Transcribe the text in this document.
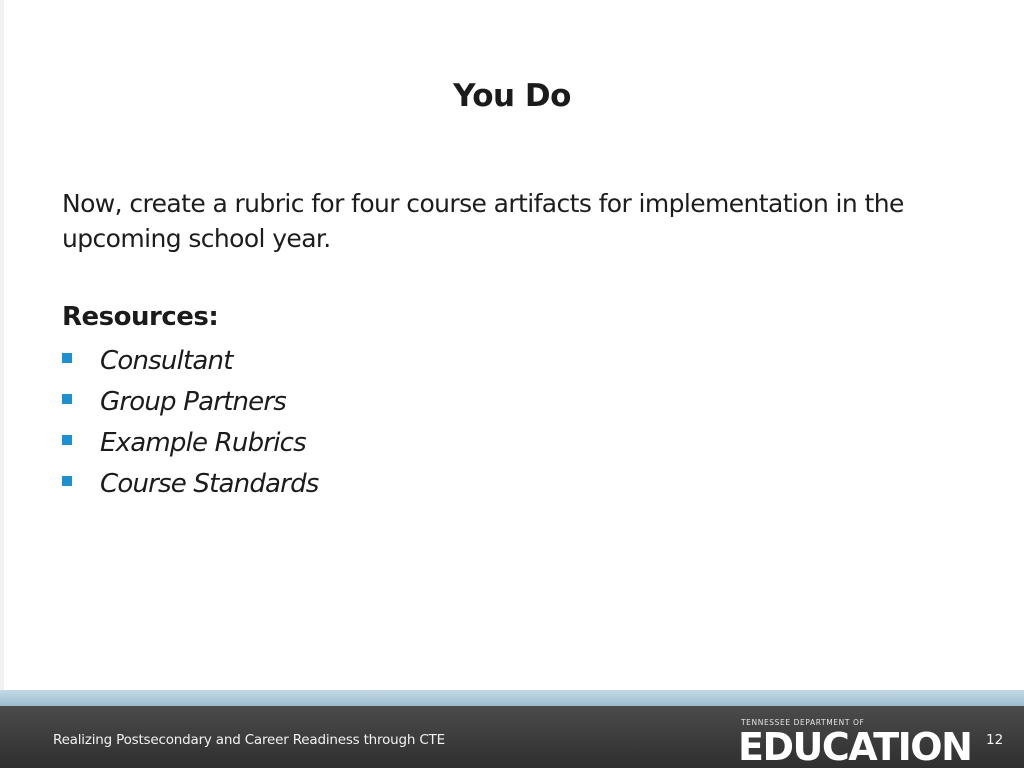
You Do

Now, create a rubric for four course artifacts for implementation in the upcoming school year.

Resources:
Consultant
Group Partners
Example Rubrics
Course Standards
Realizing Postsecondary and Career Readiness through CTE
TENNESSEE DEPARTMENT OF
EDUCATION 12
